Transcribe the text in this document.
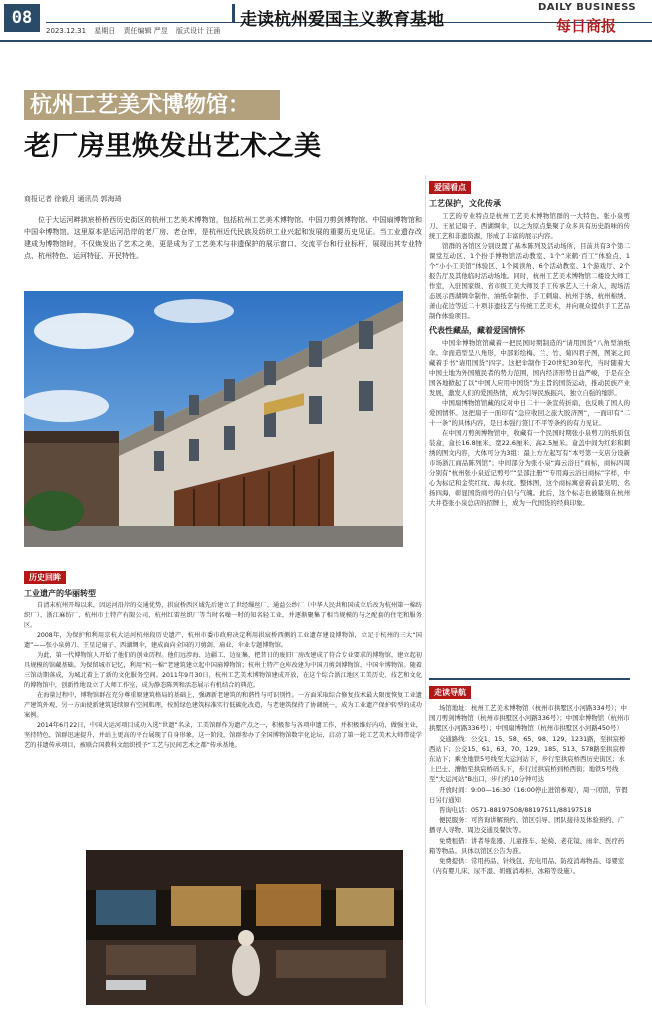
08	走读杭州爱国主义教育基地
DAILY BUSINESS
每日商报
2023.12.31 星期日 责任编辑 严昱 版式设计 汪涌
杭州工艺美术博物馆：
老厂房里焕发出艺术之美
商报记者 徐毅月 通讯员 郭海琦

位于大运河畔拱宸桥桥西历史街区的杭州工艺美术博物馆，包括杭州工艺美术博物馆、中国刀剪剑博物馆、中国扇博物馆和中国伞博物馆。这里原本是运河沿岸的老厂房、老仓库，是杭州近代民族及纺织工业兴起和发展的重要历史见证。当工业遗存改建成为博物馆时，不仅焕发出了艺术之美，更是成为了工艺美术与非遗保护的展示窗口、交流平台和行业标杆，展现出其专业特点、杭州特色、运河特征、开民特性。

历史回眸
工业遗产的华丽转型

自清末杭州开埠以来，因运河沿岸的交通优势，拱宸桥西区域先后建立了世经缫丝厂、通益公纱厂（中华人民共和国成立后改为杭州第一棉纺织厂）、浙江麻纺厂、杭州市土特产有限公司、杭州红雷丝织厂等当时名噪一时的知名轻工业，并逐渐聚集了相当规模的与之配套的住宅和服务区。

2008年，为保护和利用京杭大运河杭州段历史遗产，杭州市委市政府决定利用拱宸桥西侧的工业遗存建设博物馆，立足于杭州的三大“国遗”——张小泉剪刀、王星记扇子、西湖绸伞，建成面向全国的刀剪剑、扇业、伞业专题博物馆。

为此，第一代博物馆人开始了他们的创业历程。他们远涉海、边疆工、边征集，把昔日的废旧厂房改建成了符合专业要求的博物馆，建立起初具规模的馆藏基础。为保留城市记忆，利用“杭一棉”老建筑建立起中国扇博物馆；杭州土特产仓库改建为中国刀剪剑博物馆、中国伞博物馆。随着三馆动期落成，为城北着上了新的文化服务空间。2011年9月30日，杭州工艺美术博物馆建成开放，在这个综合浙江地区工美历史、技艺和文化的博物馆中，创新性地设立了大师工作室，成为静态陈列和活态展示有机结合的典范。

在海量过程中，博物馆群在充分尊重原建筑格局的基础上，强调新老建筑的和谐性与可识别性。一方面采取综合修复技术最大限度恢复工业遗产建筑外观，另一方面使新建筑延续原有空间肌理，按照绿色建筑标准实行低碳化改造，与老建筑保持了协调统一，成为工业遗产保护转型的成功案例。

2014年6月22日，中国大运河项目成功入选“世遗”名录，工美馆群作为遗产点之一，积极参与各项申遗工作，并积极维好内功，做强主业，坚持特色，馆群迅速提升，并站上更高的平台展现了自身形象。这一阶段，馆群参办了全国博物馆数字化论坛，启动了第一轮工艺美术大师带徒学艺的非遗传承项目，被联合国教科文组织授予“工艺与民间艺术之都”传承基地。

爱国看点
工艺保护，文化传承

工艺的专业特点是杭州工艺美术博物馆群的一大特色。张小泉剪刀、王星记扇子、西湖绸伞，以之为原点集聚了众多具有历史韵味的传统工艺和非遗资源，形成了丰富的展示内容。

馆群的各馆区分别设置了基本陈列及活动场所，目前共有3个第二课堂互动区、1个扮手博物馆活动教室、1个“来鹤·百工”体验点、1个“小小工美馆”体验区、1个阅读角、6个活动教室、1个游戏厅、2个报告厅及其他临时活动场地。同时，杭州工艺美术博物馆二楼设大师工作室，入驻国家级、省市级工美大师及手工传承艺人三十余人，现场活态展示西湖绸伞制作、油纸伞制作、手工刺扇、杭州手绣、杭州棉绣、萧山花边等近二十项非遗技艺与传统工艺美术，并向观众提供手工艺品制作体验项目。

代表性藏品，藏着爱国情怀

中国伞博物馆馆藏着一把民国时期制造的“请用国货”八角型油纸伞。伞面造型呈八角形，中部彩绘梅、兰、竹、菊四君子图，图案之间藏着手书“请用国货”四字。这把伞制作于20世纪30年代，当时随着大中国土地为外国殖民者的势力范围，国内经济形势日益严峻，于是在全国各地掀起了以“中国人应用中国货”为主旨的国货运动，推动民族产业发展，激发人们的爱国热情，成为引导民族振兴、独立自强的缩影。

中国扇博物馆馆藏的反对中日二十一条宣传折扇，也反映了国人的爱国情怀。这把扇子一面印有“急应收回之旅大胶济图”，一面印有“二十一条”的具体内容，是日本强行签订不平等条约的有力见证。

在中国刀剪剑博物馆中，收藏有一个民国时期张小泉剪刀的纸质包装盒，盒长16.8厘米、宽22.6厘米、高2.5厘米。盒盖中间为红彩和刺绣的图文内容，大体可分为3组：最上方左起写有“本号第一支店分设新市场浙江商品陈列馆”；中间部分为张小泉“海云浴日”商标，商标四周分别有“杭州张小泉近记剪号”“呈部注册”“专用海云浴日商标”字样，中心为标记和金奖红纹、海水纹。整体图，这个商标寓意着前景光明、名扬四海，彰显国货商号的自信与气魄。此后，这个标志也被镂刻在杭州大井巷张小泉总店的招牌上，成为一代国货的经典印象。

走读导航

场馆地址：杭州工艺美术博物馆（杭州市拱墅区小河路334号）；中国刀剪剑博物馆（杭州市拱墅区小河路336号）；中国伞博物馆（杭州市拱墅区小河路336号）；中国扇博物馆（杭州市拱墅区小河路450号）

交通路线：公交1、15、58、65、98、129、1231路，至拱宸桥西站下；公交15、61、63、70、129、185、513、578路至拱宸桥东站下；乘坐地铁5号线至大运河站下，步行至拱宸桥西历史街区；水上巴士、漕舫至拱宸桥码头下，步行过拱宸桥到桥西街；地铁5号线至“大运河站”B出口，步行约10分钟可达

开放时间：9:00—16:30（16:00停止进馆参观），周一闭馆，节假日另行通知

咨询电话：0571-88197508/88197511/88197518

便民服务：可咨询讲解预约、馆区引导、团队接待及体验预约、广播寻人寻物、周边交通及餐饮等。

免费租借：讲者导览器、儿童推车、轮椅、老花镜、雨伞、医疗药箱等物品。具体以馆区公告为准。

免费提供：常用药品、针线包、充电用品、防疫消毒物品、母婴室（内有婴儿床、尿不湿、奶瓶消毒柜、冰箱等设施）。
